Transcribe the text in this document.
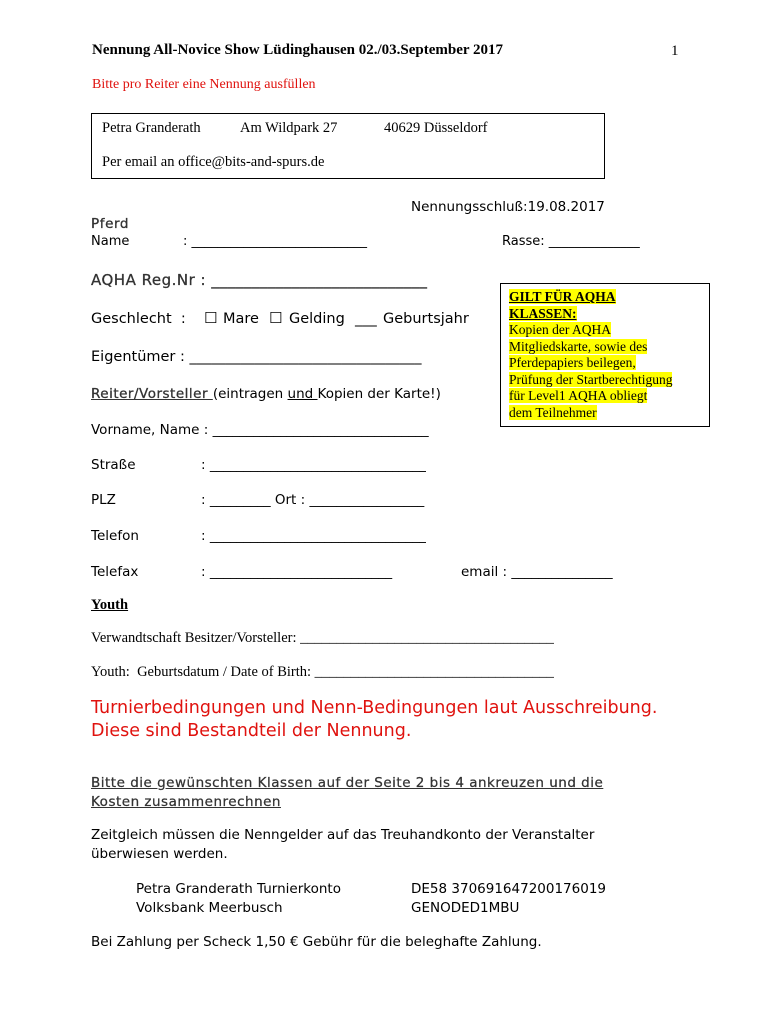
Nennung All-Novice Show Lüdinghausen 02./03.September 2017	1
Bitte pro Reiter eine Nennung ausfüllen
Petra Granderath	Am Wildpark 27	40629 Düsseldorf
Per email an office@bits-and-spurs.de
Nennungsschluß:19.08.2017
Pferd
Name	: ___________________________	Rasse: ______________
AQHA Reg.Nr : ___________________________
Geschlecht  : ☐ Mare ☐ Gelding ___ Geburtsjahr
Eigentümer : ________________________________
GILT FÜR AQHA
KLASSEN:
Kopien der AQHA
Mitgliedskarte, sowie des
Pferdepapiers beilegen,
Prüfung der Startberechtigung
für Level1 AQHA obliegt
dem Teilnehmer
Reiter/Vorsteller (eintragen und Kopien der Karte!)
Vorname, Name : ________________________________
Straße	: ________________________________
PLZ	: _________ Ort : _________________
Telefon	: ________________________________
Telefax	: ___________________________	email : _______________
Youth
Verwandtschaft Besitzer/Vorsteller: ___________________________________
Youth:  Geburtsdatum / Date of Birth: _________________________________
Turnierbedingungen und Nenn-Bedingungen laut Ausschreibung.
Diese sind Bestandteil der Nennung.
Bitte die gewünschten Klassen auf der Seite 2 bis 4 ankreuzen und die
Kosten zusammenrechnen
Zeitgleich müssen die Nenngelder auf das Treuhandkonto der Veranstalter
überwiesen werden.
Petra Granderath Turnierkonto	DE58 370691647200176019
Volksbank Meerbusch	GENODED1MBU
Bei Zahlung per Scheck 1,50 € Gebühr für die beleghafte Zahlung.
